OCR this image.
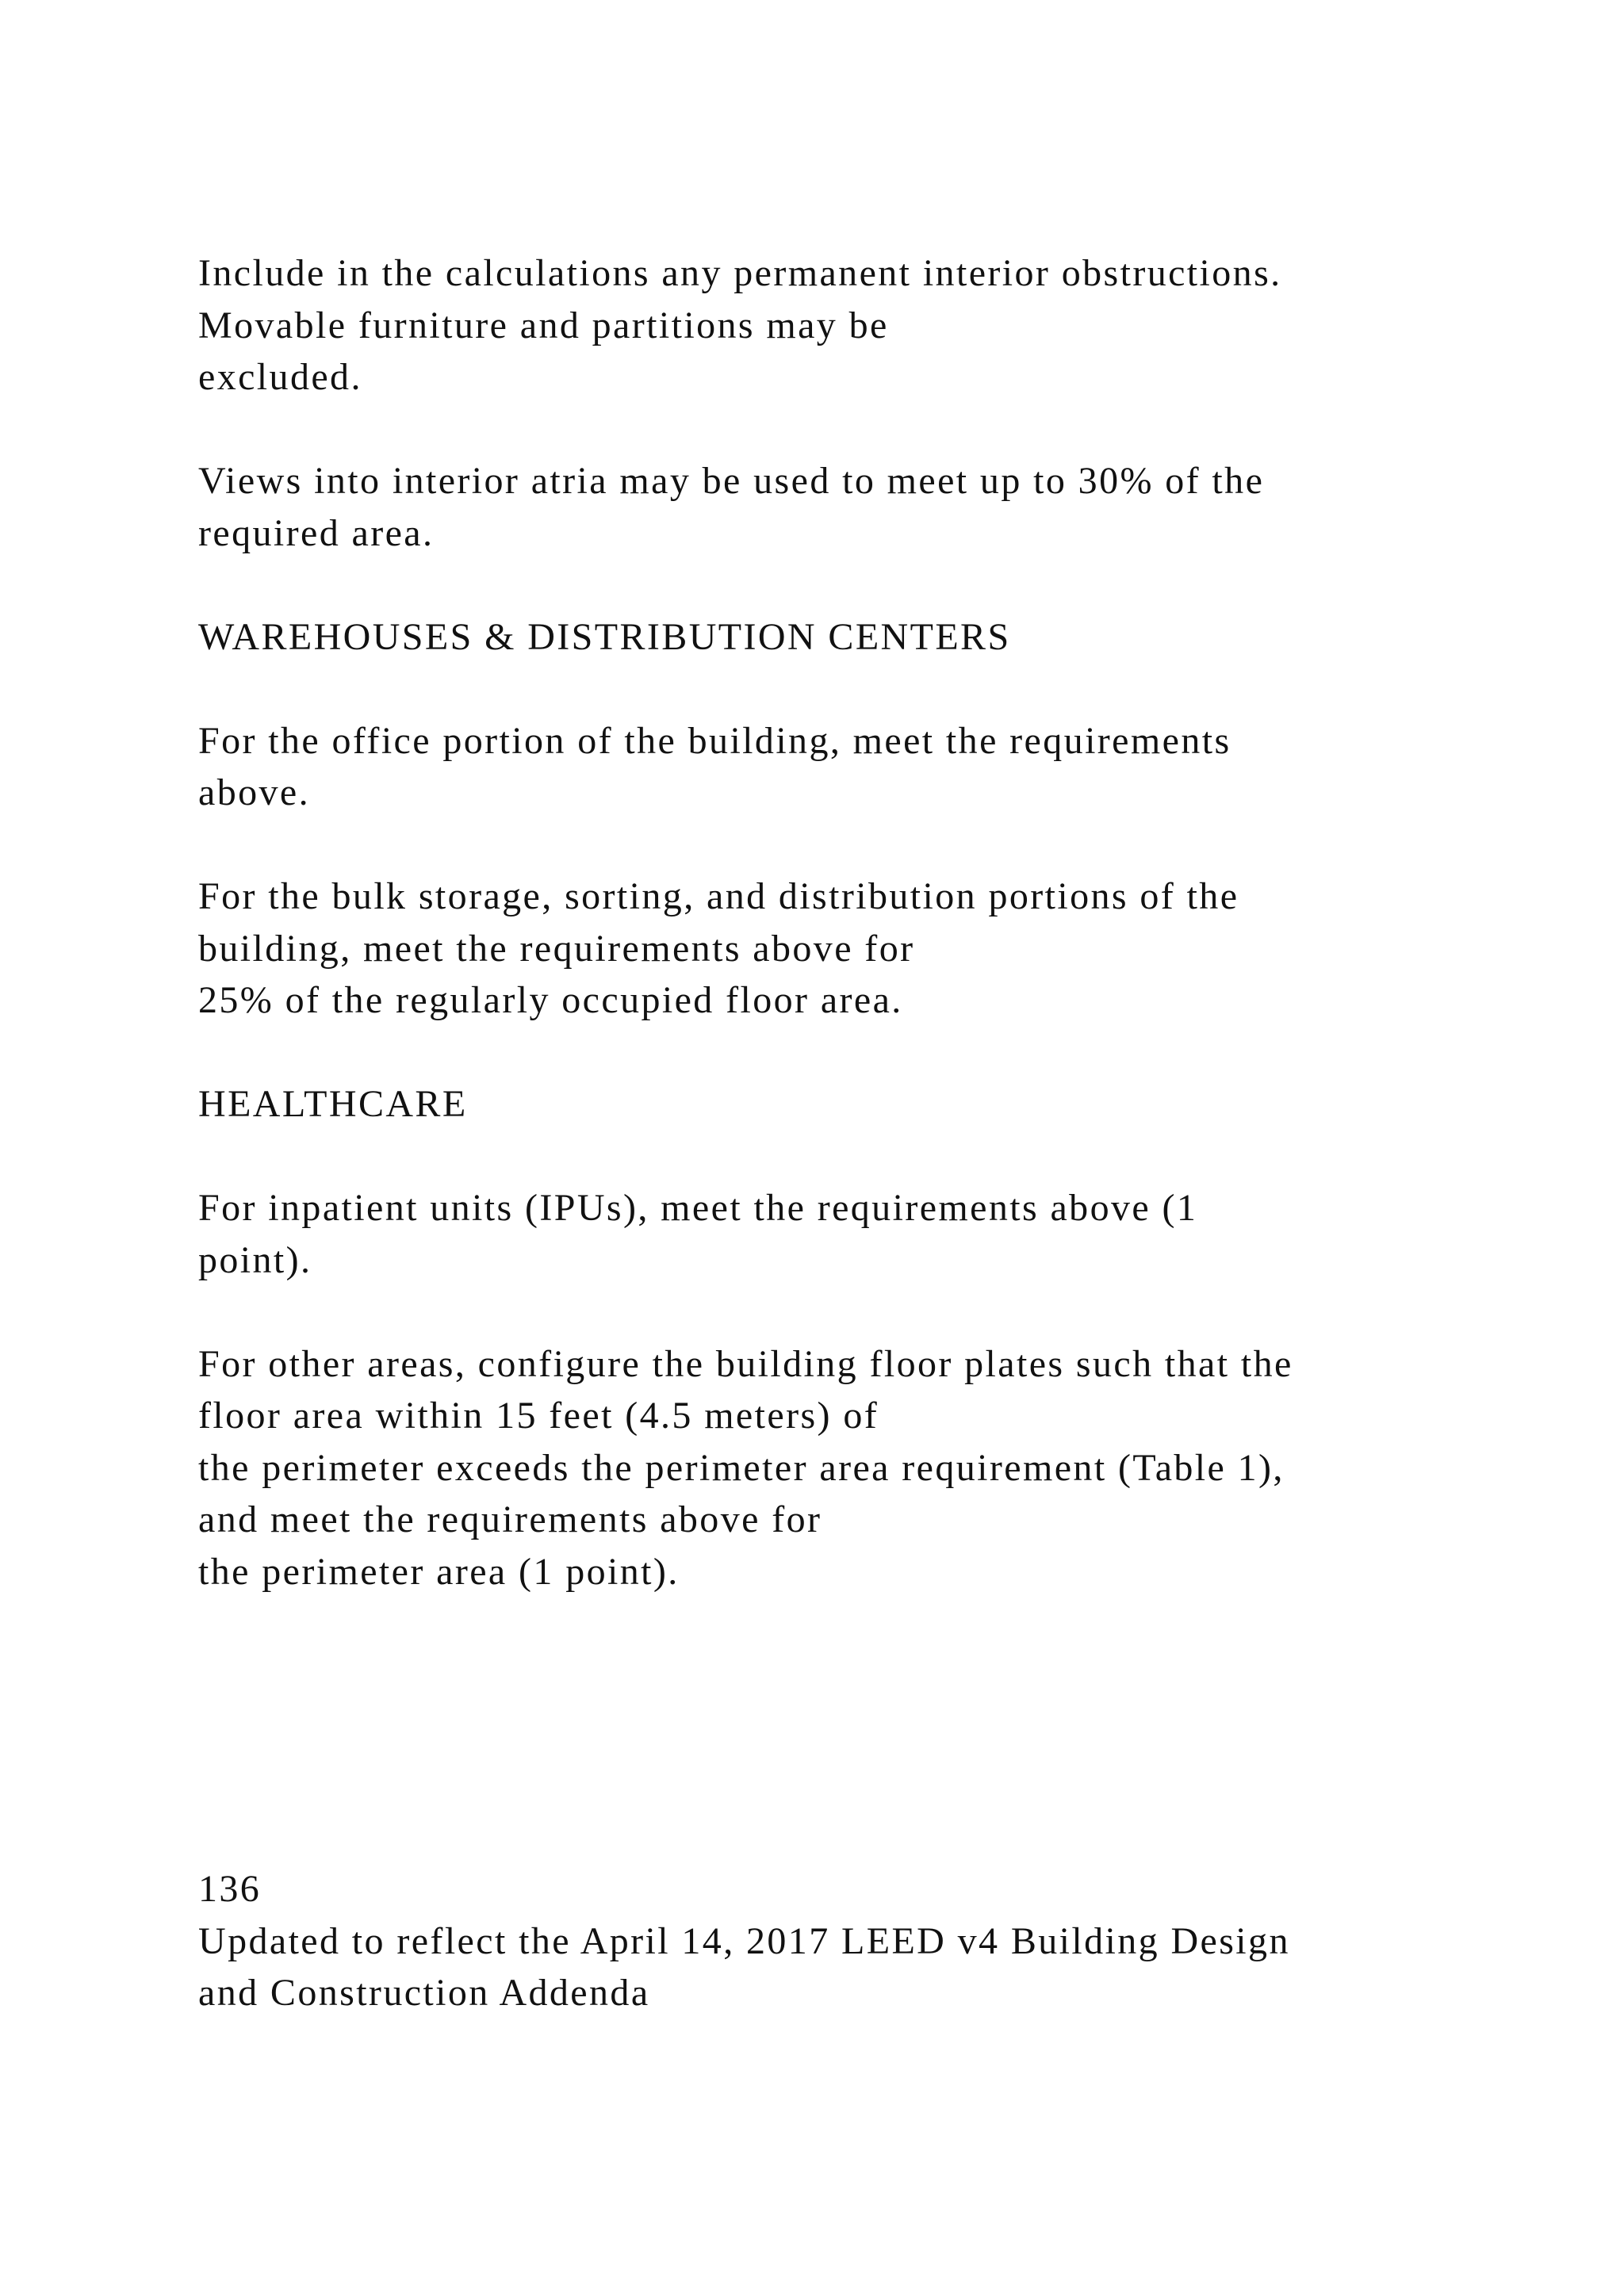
Include in the calculations any permanent interior obstructions.
Movable furniture and partitions may be
excluded.

Views into interior atria may be used to meet up to 30% of the
required area.

WAREHOUSES & DISTRIBUTION CENTERS

For the office portion of the building, meet the requirements
above.

For the bulk storage, sorting, and distribution portions of the
building, meet the requirements above for
25% of the regularly occupied floor area.

HEALTHCARE

For inpatient units (IPUs), meet the requirements above (1
point).

For other areas, configure the building floor plates such that the
floor area within 15 feet (4.5 meters) of
the perimeter exceeds the perimeter area requirement (Table 1),
and meet the requirements above for
the perimeter area (1 point).

136
Updated to reflect the April 14, 2017 LEED v4 Building Design
and Construction Addenda
